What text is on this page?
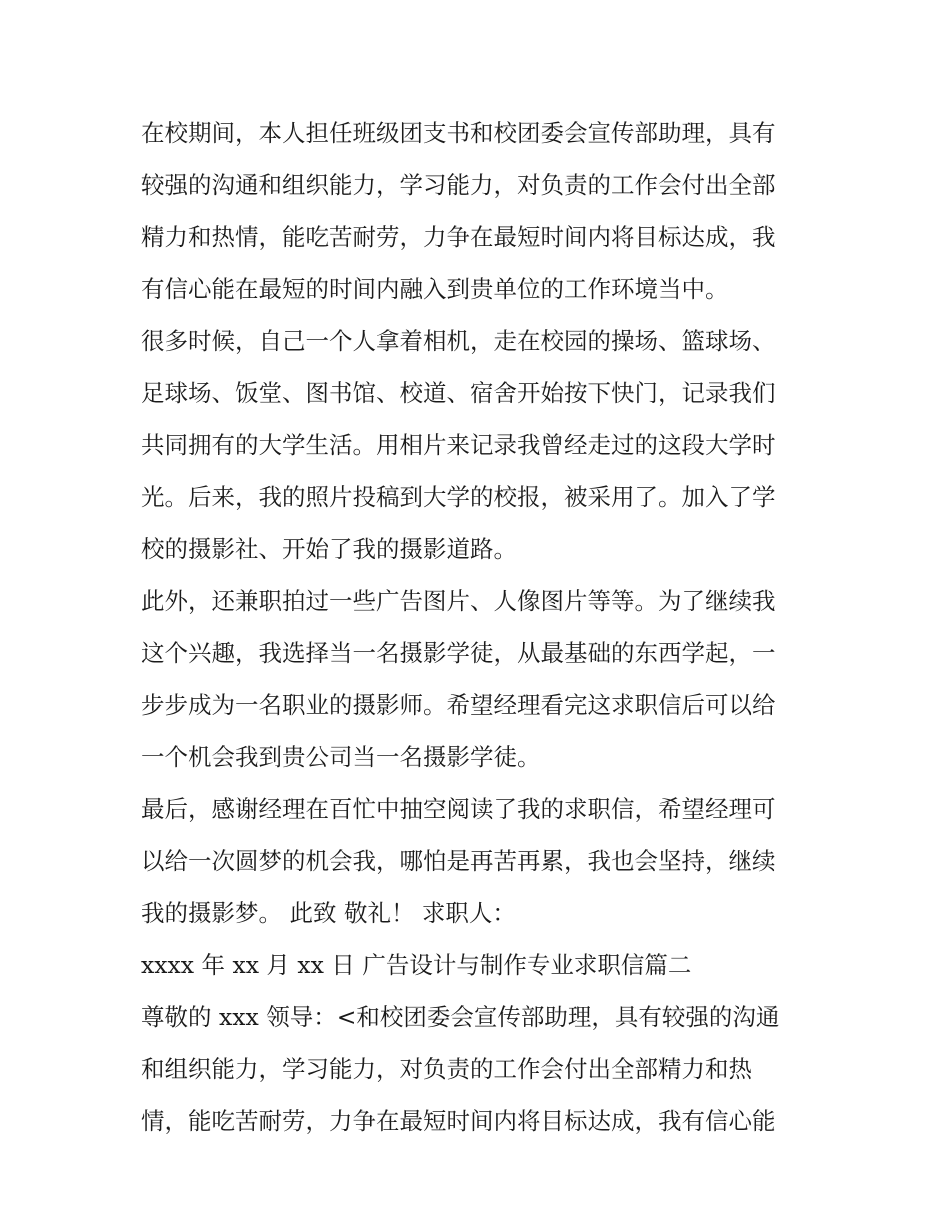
在校期间，本人担任班级团支书和校团委会宣传部助理，具有
较强的沟通和组织能力，学习能力，对负责的工作会付出全部
精力和热情，能吃苦耐劳，力争在最短时间内将目标达成，我
有信心能在最短的时间内融入到贵单位的工作环境当中。
很多时候，自己一个人拿着相机，走在校园的操场、篮球场、
足球场、饭堂、图书馆、校道、宿舍开始按下快门，记录我们
共同拥有的大学生活。用相片来记录我曾经走过的这段大学时
光。后来，我的照片投稿到大学的校报，被采用了。加入了学
校的摄影社、开始了我的摄影道路。
此外，还兼职拍过一些广告图片、人像图片等等。为了继续我
这个兴趣，我选择当一名摄影学徒，从最基础的东西学起，一
步步成为一名职业的摄影师。希望经理看完这求职信后可以给
一个机会我到贵公司当一名摄影学徒。
最后，感谢经理在百忙中抽空阅读了我的求职信，希望经理可
以给一次圆梦的机会我，哪怕是再苦再累，我也会坚持，继续
我的摄影梦。 此致 敬礼！ 求职人：
xxxx 年 xx 月 xx 日 广告设计与制作专业求职信篇二
尊敬的 xxx 领导：<和校团委会宣传部助理，具有较强的沟通
和组织能力，学习能力，对负责的工作会付出全部精力和热
情，能吃苦耐劳，力争在最短时间内将目标达成，我有信心能
